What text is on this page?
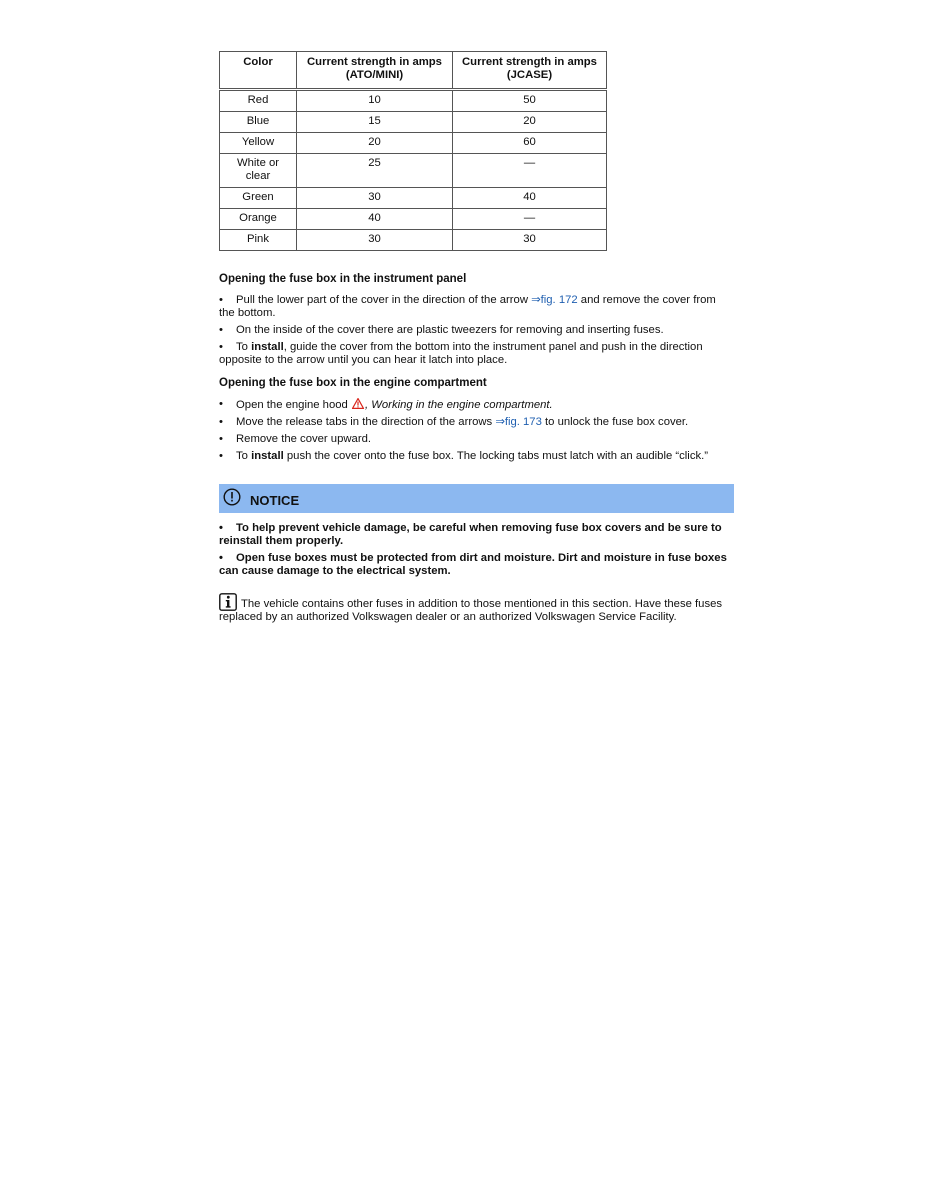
Color	Current strength in amps (ATO/MINI)	Current strength in amps (JCASE)
Red	10	50
Blue	15	20
Yellow	20	60
White or clear	25	—
Green	30	40
Orange	40	—
Pink	30	30
Opening the fuse box in the instrument panel
• Pull the lower part of the cover in the direction of the arrow ⇒fig. 172 and remove the cover from the bottom.
• On the inside of the cover there are plastic tweezers for removing and inserting fuses.
• To install, guide the cover from the bottom into the instrument panel and push in the direction opposite to the arrow until you can hear it latch into place.
Opening the fuse box in the engine compartment
• Open the engine hood , Working in the engine compartment.
• Move the release tabs in the direction of the arrows ⇒fig. 173 to unlock the fuse box cover.
• Remove the cover upward.
• To install push the cover onto the fuse box. The locking tabs must latch with an audible “click.”
NOTICE
• To help prevent vehicle damage, be careful when removing fuse box covers and be sure to reinstall them properly.
• Open fuse boxes must be protected from dirt and moisture. Dirt and moisture in fuse boxes can cause damage to the electrical system.
The vehicle contains other fuses in addition to those mentioned in this section. Have these fuses replaced by an authorized Volkswagen dealer or an authorized Volkswagen Service Facility.
